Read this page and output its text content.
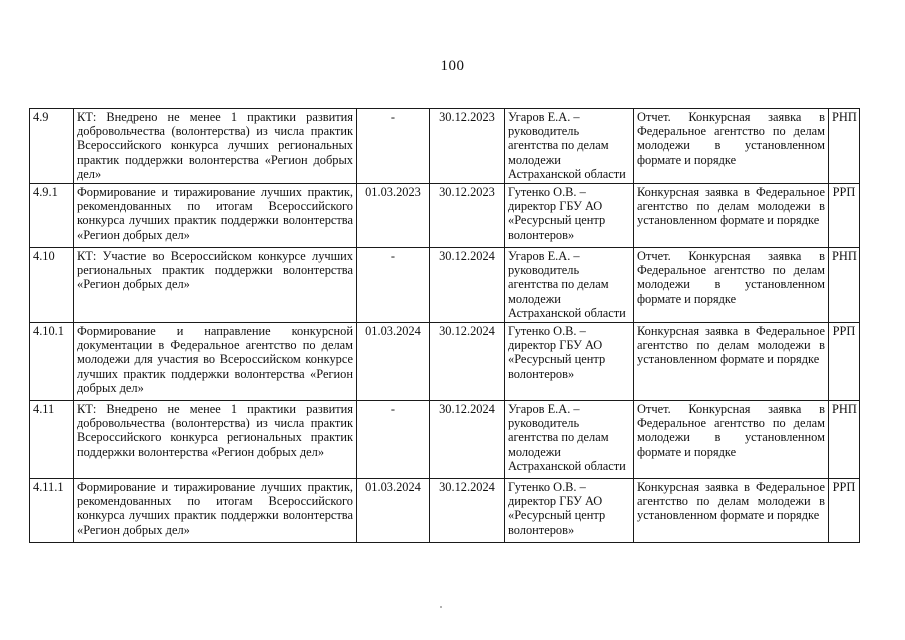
100
4.9	КТ: Внедрено не менее 1 практики развития добровольчества (волонтерства) из числа практик Всероссийского конкурса лучших региональных практик поддержки волонтерства «Регион добрых дел»	-	30.12.2023	Угаров Е.А. – руководитель агентства по делам молодежи Астраханской области	Отчет. Конкурсная заявка в Федеральное агентство по делам молодежи в установленном формате и порядке	РНП
4.9.1	Формирование и тиражирование лучших практик, рекомендованных по итогам Всероссийского конкурса лучших практик поддержки волонтерства «Регион добрых дел»	01.03.2023	30.12.2023	Гутенко О.В. – директор ГБУ АО «Ресурсный центр волонтеров»	Конкурсная заявка в Федеральное агентство по делам молодежи в установленном формате и порядке	РРП
4.10	КТ: Участие во Всероссийском конкурсе лучших региональных практик поддержки волонтерства «Регион добрых дел»	-	30.12.2024	Угаров Е.А. – руководитель агентства по делам молодежи Астраханской области	Отчет. Конкурсная заявка в Федеральное агентство по делам молодежи в установленном формате и порядке	РНП
4.10.1	Формирование и направление конкурсной документации в Федеральное агентство по делам молодежи для участия во Всероссийском конкурсе лучших практик поддержки волонтерства «Регион добрых дел»	01.03.2024	30.12.2024	Гутенко О.В. – директор ГБУ АО «Ресурсный центр волонтеров»	Конкурсная заявка в Федеральное агентство по делам молодежи в установленном формате и порядке	РРП
4.11	КТ: Внедрено не менее 1 практики развития добровольчества (волонтерства) из числа практик Всероссийского конкурса региональных практик поддержки волонтерства «Регион добрых дел»	-	30.12.2024	Угаров Е.А. – руководитель агентства по делам молодежи Астраханской области	Отчет. Конкурсная заявка в Федеральное агентство по делам молодежи в установленном формате и порядке	РНП
4.11.1	Формирование и тиражирование лучших практик, рекомендованных по итогам Всероссийского конкурса лучших практик поддержки волонтерства «Регион добрых дел»	01.03.2024	30.12.2024	Гутенко О.В. – директор ГБУ АО «Ресурсный центр волонтеров»	Конкурсная заявка в Федеральное агентство по делам молодежи в установленном формате и порядке	РРП
